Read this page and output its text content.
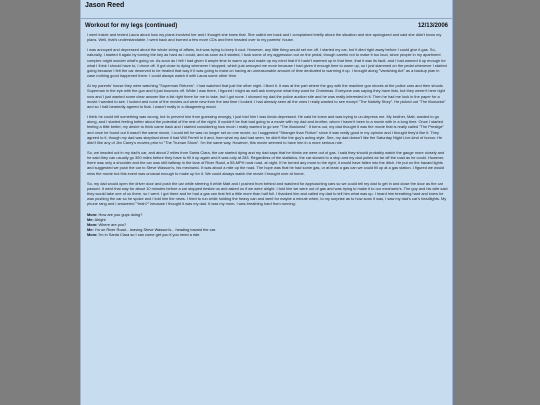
Jason Reed
Workout for my legs (continued)	12/13/2006

I went inside and texted Laura about how my plans involved her and I thought she knew that. She called me back and I complained briefly about the situation and she apologized and said she didn't know my plans. Well, that's understandable. I went back and burned a few more CDs and then headed over to my parents' house.

I was annoyed and depressed about the whole string of affairs, but was trying to keep it cool. However, any little thing would set me off. I started my car, but it died right away before I could give it gas. So, naturally, I started it again by turning the key as hard as I could, and as soon as it started, I took some of my aggression out on the pedal, though careful not to make it too loud, since people in my apartment complex might wonder what's going on. As soon as I felt I had given it ample time to warm up and made up my mind that if it hadn't warmed up in that time, that it was its fault, and I had warned it up enough for what I think I should have to, I drove off. It got close to dying whenever I stopped, which just annoyed me more because I had given it enough time to warm up, so I just slammed on the pedal whenever I started going because I felt the car deserved to be treated that way if it was going to insist on having an unreasonable amount of time dedicated to warming it up. I brought along "Vanishing Act" as a backup plan in case nothing good happened there. I could always watch it with Laura some other time.

At my parents' house they were watching "Superman Returns". I had watched that just the other night. I liked it. It was at the part where the guy with the machine gun shoots at the police cars and then shoots Superman in the eye with the gun and it just bounces off. While I was there, I figured I might as well ask everyone what they want for Christmas. Everyone was saying they have lists, but they weren't here right now and I just wanted some clear answer like a list right there for me to take, but I got none. I showed my dad the police auction site and he was really interested in it. Then he had me look in the paper for a movie I wanted to see. I looked and none of the movies out were new from the last time I looked. I had already seen all the ones I really wanted to see except "The Nativity Story". He picked out "The Illusionist" and so I half-heartedly agreed to that. I wasn't really in a disagreeing mood.

I think he could tell something was wrong, but to prevent him from guessing wrongly, I just told him I was kinda depressed. He said he knew and was trying to un-depress me. My brother, Matt, wanted to go along, and I started feeling better about the potential of the rest of the night. It couldn't be that bad going to a movie with my dad and brother, whom I haven't been to a movie with in a long time. Once I started feeling a little better, my desire to think came back and I started considering how much I really wanted to go see "The Illusionist". It turns out, my dad thought it was the movie that is really called "The Prestige" and once he found out it wasn't the same movie, I could tell he was no longer set on one movie, so I suggested "Stranger than Fiction" since it was really good in my opinion and I thought they'd like it. They agreed to it, though my dad was skeptical since it had Will Ferrell in it and, from what my dad had seen, he didn't like the guy's acting style. See, my dad doesn't like the Saturday Night Live-kind of humor. He didn't like any of Jim Carey's movies prior to "The Truman Show". I'm the same way. However, this movie seemed to have him in a more serious role.

So, we headed out in my dad's car, and about 2 miles from Santa Clara, the car started dying and my dad says that he thinks we were out of gas. I said they should probably watch the gauge more closely and he said they can usually go 300 miles before they have to fill it up again and it was only at 283. Regardless of the statistics, the car slowed to a stop and my dad pulled as far off the road as he could. However, there was only a shoulder and the car was still halfway in the lane of River Road, a 55-MPH rural road, at night. If he turned any more to the right, it would have fallen into the ditch. He put on the hazard lights and suggested we push the car to Steve Wasson's, his mechanic. It was about a mile up the road. The hope was that he had some gas, or at least a gas can we could fill up at a gas station. I figured we would miss the movie but this event was unusual enough to make up for it. We could always watch the movie I brought over at home.

So, my dad would open the driver door and push the car while steering it while Matt and I pushed from behind and watched for approaching cars so we could tell my dad to get in and close the door as the car passed. It went that way for about 10 minutes before a car stopped beside us and asked us if we were alright. I told him we were out of gas and was trying to make it to our mechanic's. The guy and his wife said they would take one of us there, so I went. I got there and he had a gas can that fell a little more than half full. I thanked him and called my dad to tell him what was up. I heard him breathing hard and knew he was pushing the car so he spoke and I told him the news. I tried to run while holding the heavy can and went for maybe a minute when, to my surprise as to how soon it was, I saw my dad's car's headlights. My phone rang and I answered "Yeah?" because I thought it was my dad. It was my mom. I was breathing hard from running:

Mom: How are you guys doing?

Me: Alright

Mom: Where are you?

Me: I'm on River Road... leaving Steve Wasson's... heading toward the car.

Mom: I'm in Santa Clara so I can come get you if you need a ride.
